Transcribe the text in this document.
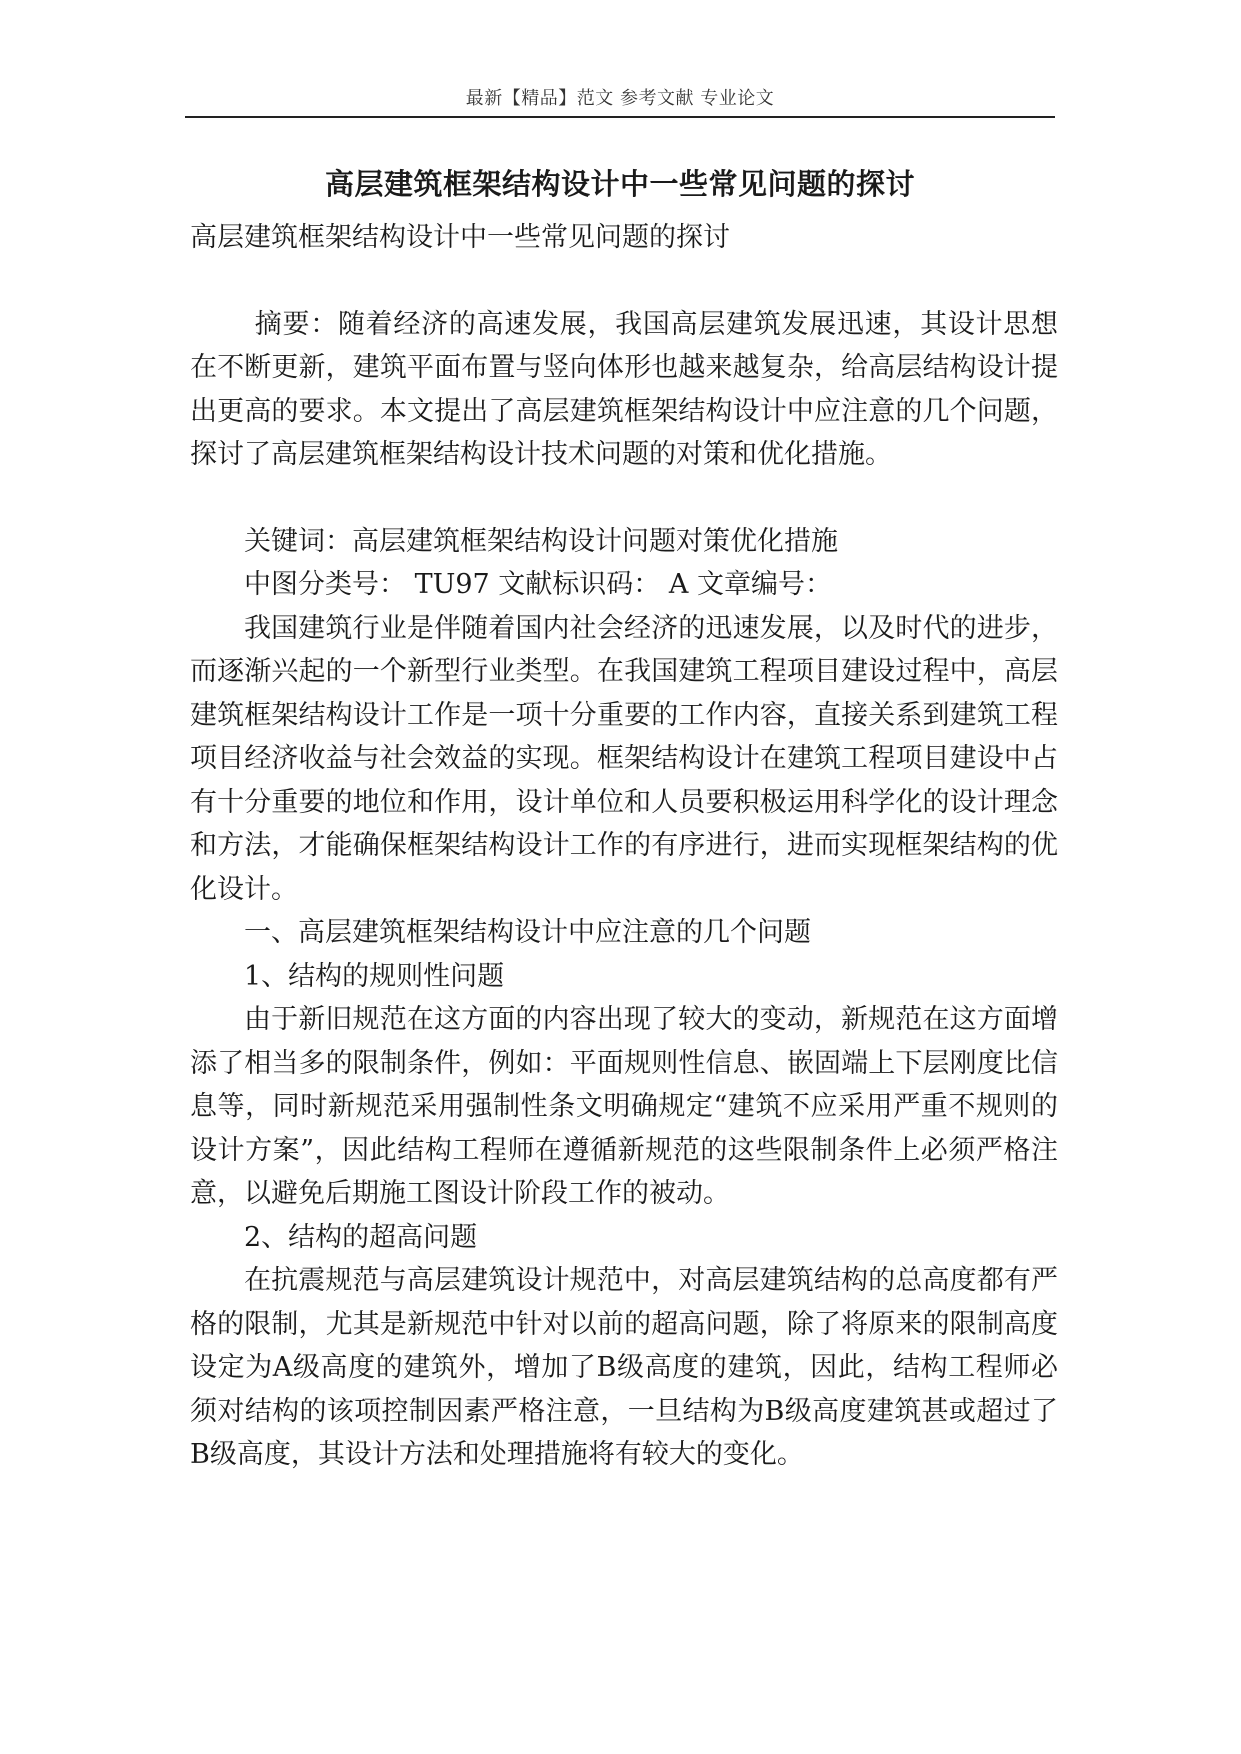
最新【精品】范文 参考文献 专业论文
高层建筑框架结构设计中一些常见问题的探讨

高层建筑框架结构设计中一些常见问题的探讨

摘要：随着经济的高速发展，我国高层建筑发展迅速，其设计思想在不断更新，建筑平面布置与竖向体形也越来越复杂，给高层结构设计提出更高的要求。本文提出了高层建筑框架结构设计中应注意的几个问题，探讨了高层建筑框架结构设计技术问题的对策和优化措施。

关键词：高层建筑框架结构设计问题对策优化措施

中图分类号： TU97 文献标识码： A 文章编号：

我国建筑行业是伴随着国内社会经济的迅速发展，以及时代的进步，而逐渐兴起的一个新型行业类型。在我国建筑工程项目建设过程中，高层建筑框架结构设计工作是一项十分重要的工作内容，直接关系到建筑工程项目经济收益与社会效益的实现。框架结构设计在建筑工程项目建设中占有十分重要的地位和作用，设计单位和人员要积极运用科学化的设计理念和方法，才能确保框架结构设计工作的有序进行，进而实现框架结构的优化设计。

一、高层建筑框架结构设计中应注意的几个问题

1、结构的规则性问题

由于新旧规范在这方面的内容出现了较大的变动，新规范在这方面增添了相当多的限制条件，例如：平面规则性信息、嵌固端上下层刚度比信息等，同时新规范采用强制性条文明确规定“建筑不应采用严重不规则的设计方案”，因此结构工程师在遵循新规范的这些限制条件上必须严格注意，以避免后期施工图设计阶段工作的被动。

2、结构的超高问题

在抗震规范与高层建筑设计规范中，对高层建筑结构的总高度都有严格的限制，尤其是新规范中针对以前的超高问题，除了将原来的限制高度设定为A级高度的建筑外，增加了B级高度的建筑，因此，结构工程师必须对结构的该项控制因素严格注意，一旦结构为B级高度建筑甚或超过了B级高度，其设计方法和处理措施将有较大的变化。
